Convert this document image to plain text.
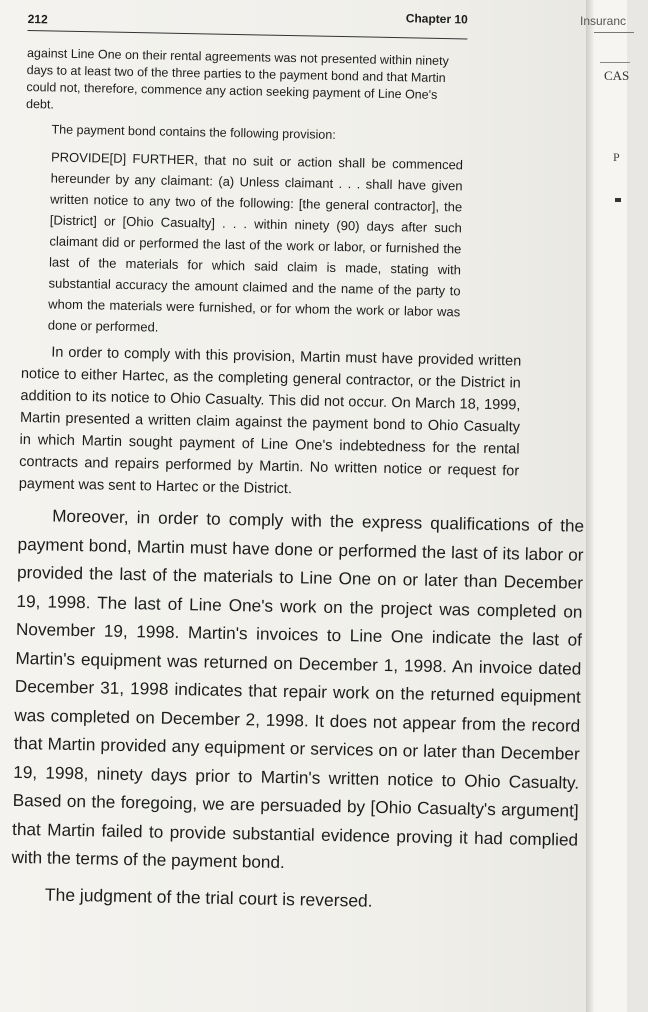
Insuranc
CAS
P
212	Chapter 10

against Line One on their rental agreements was not presented within ninety days to at least two of the three parties to the payment bond and that Martin could not, therefore, commence any action seeking payment of Line One's debt.

The payment bond contains the following provision:

PROVIDE[D] FURTHER, that no suit or action shall be commenced hereunder by any claimant: (a) Unless claimant . . . shall have given written notice to any two of the following: [the general contractor], the [District] or [Ohio Casualty] . . . within ninety (90) days after such claimant did or performed the last of the work or labor, or furnished the last of the materials for which said claim is made, stating with substantial accuracy the amount claimed and the name of the party to whom the materials were furnished, or for whom the work or labor was done or performed.

In order to comply with this provision, Martin must have provided written notice to either Hartec, as the completing general contractor, or the District in addition to its notice to Ohio Casualty. This did not occur. On March 18, 1999, Martin presented a written claim against the payment bond to Ohio Casualty in which Martin sought payment of Line One's indebtedness for the rental contracts and repairs performed by Martin. No written notice or request for payment was sent to Hartec or the District.

Moreover, in order to comply with the express qualifications of the payment bond, Martin must have done or performed the last of its labor or provided the last of the materials to Line One on or later than December 19, 1998. The last of Line One's work on the project was completed on November 19, 1998. Martin's invoices to Line One indicate the last of Martin's equipment was returned on December 1, 1998. An invoice dated December 31, 1998 indicates that repair work on the returned equipment was completed on December 2, 1998. It does not appear from the record that Martin provided any equipment or services on or later than December 19, 1998, ninety days prior to Martin's written notice to Ohio Casualty. Based on the foregoing, we are persuaded by [Ohio Casualty's argument] that Martin failed to provide substantial evidence proving it had complied with the terms of the payment bond.

The judgment of the trial court is reversed.
